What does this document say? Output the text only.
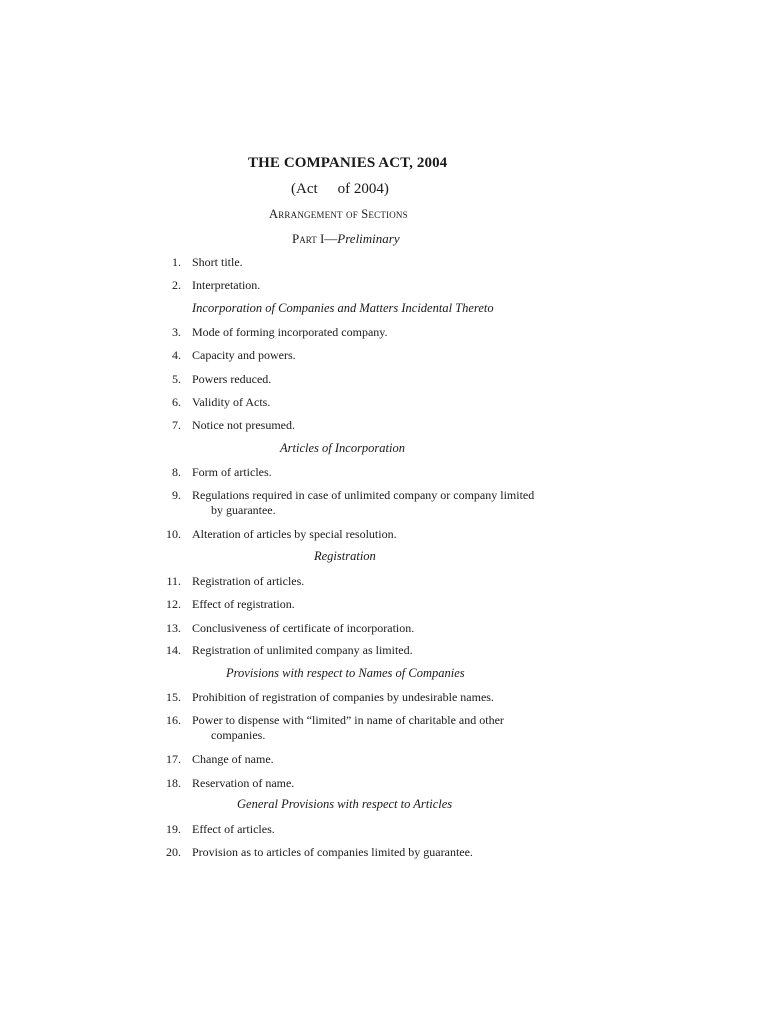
THE COMPANIES ACT, 2004
(Act of 2004)
Arrangement of Sections
Part I—Preliminary
1. Short title.
2. Interpretation.
Incorporation of Companies and Matters Incidental Thereto
3. Mode of forming incorporated company.
4. Capacity and powers.
5. Powers reduced.
6. Validity of Acts.
7. Notice not presumed.
Articles of Incorporation
8. Form of articles.
9. Regulations required in case of unlimited company or company limited
by guarantee.
10. Alteration of articles by special resolution.
Registration
11. Registration of articles.
12. Effect of registration.
13. Conclusiveness of certificate of incorporation.
14. Registration of unlimited company as limited.
Provisions with respect to Names of Companies
15. Prohibition of registration of companies by undesirable names.
16. Power to dispense with “limited” in name of charitable and other
companies.
17. Change of name.
18. Reservation of name.
General Provisions with respect to Articles
19. Effect of articles.
20. Provision as to articles of companies limited by guarantee.
